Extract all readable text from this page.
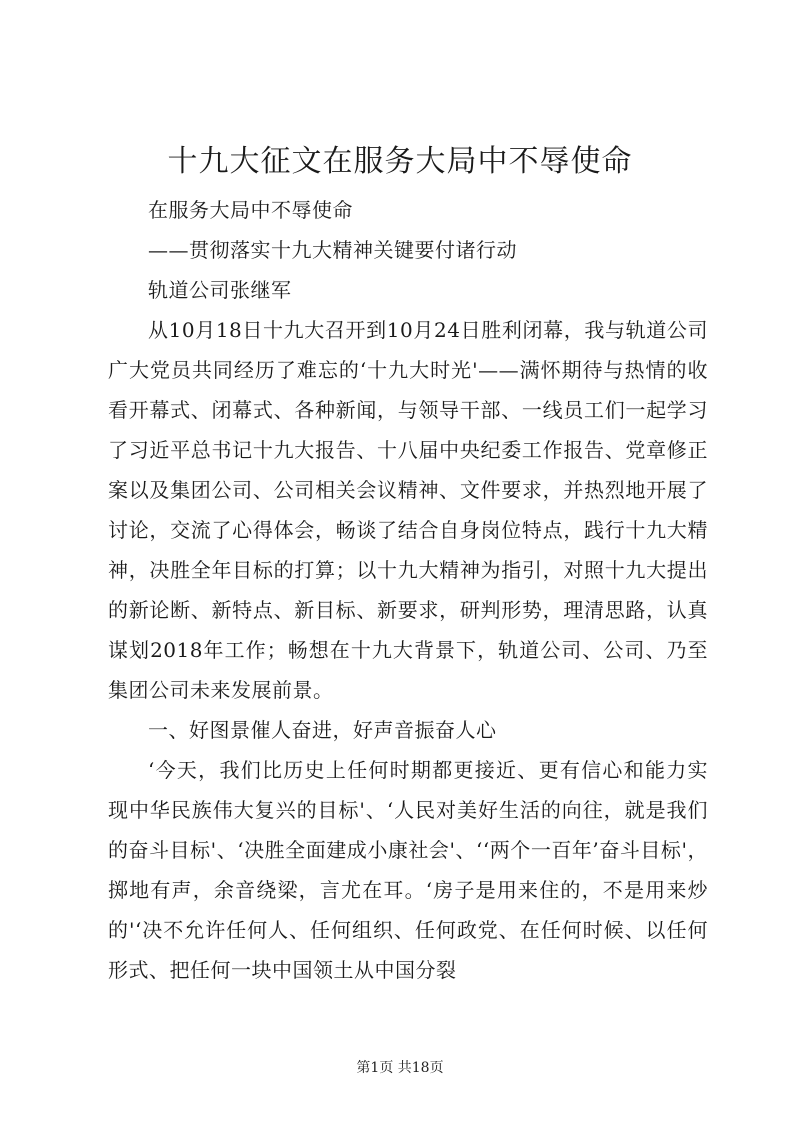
十九大征文在服务大局中不辱使命

在服务大局中不辱使命

——贯彻落实十九大精神关键要付诸行动

轨道公司张继军

从10月18日十九大召开到10月24日胜利闭幕，我与轨道公司广大党员共同经历了难忘的‘十九大时光'——满怀期待与热情的收看开幕式、闭幕式、各种新闻，与领导干部、一线员工们一起学习了习近平总书记十九大报告、十八届中央纪委工作报告、党章修正案以及集团公司、公司相关会议精神、文件要求，并热烈地开展了讨论，交流了心得体会，畅谈了结合自身岗位特点，践行十九大精神，决胜全年目标的打算；以十九大精神为指引，对照十九大提出的新论断、新特点、新目标、新要求，研判形势，理清思路，认真谋划2018年工作；畅想在十九大背景下，轨道公司、公司、乃至集团公司未来发展前景。

一、好图景催人奋进，好声音振奋人心

‘今天，我们比历史上任何时期都更接近、更有信心和能力实现中华民族伟大复兴的目标'、‘人民对美好生活的向往，就是我们的奋斗目标'、‘决胜全面建成小康社会'、‘‘两个一百年’奋斗目标'，掷地有声，余音绕梁，言尤在耳。‘房子是用来住的，不是用来炒的'‘决不允许任何人、任何组织、任何政党、在任何时候、以任何形式、把任何一块中国领土从中国分裂

第1页 共18页
